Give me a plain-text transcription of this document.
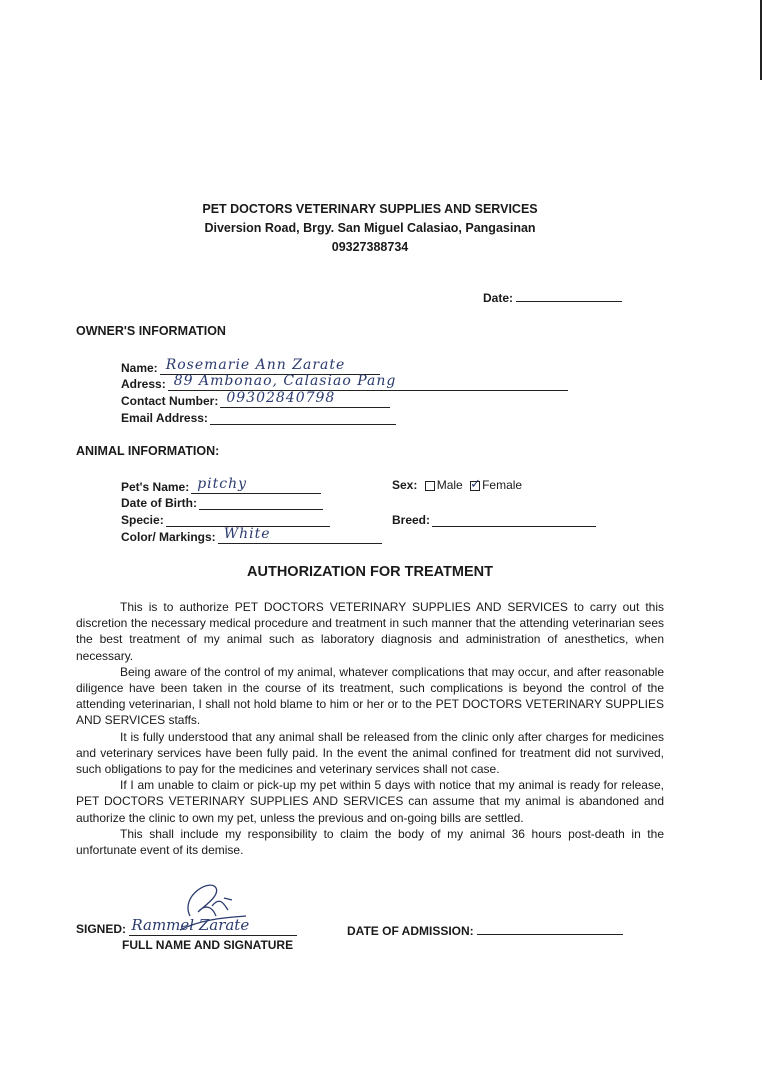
PET DOCTORS VETERINARY SUPPLIES AND SERVICES
Diversion Road, Brgy. San Miguel Calasiao, Pangasinan
09327388734
Date:
OWNER'S INFORMATION
Name: Rosemarie Ann Zarate
Adress: 89 Ambonao, Calasiao Pang
Contact Number: 09302840798
Email Address:
ANIMAL INFORMATION:
Pet's Name: pitchy
Date of Birth:
Specie:
Color/ Markings: White
Sex: Male ✓ Female
Breed:
AUTHORIZATION FOR TREATMENT

This is to authorize PET DOCTORS VETERINARY SUPPLIES AND SERVICES to carry out this discretion the necessary medical procedure and treatment in such manner that the attending veterinarian sees the best treatment of my animal such as laboratory diagnosis and administration of anesthetics, when necessary.

Being aware of the control of my animal, whatever complications that may occur, and after reasonable diligence have been taken in the course of its treatment, such complications is beyond the control of the attending veterinarian, I shall not hold blame to him or her or to the PET DOCTORS VETERINARY SUPPLIES AND SERVICES staffs.

It is fully understood that any animal shall be released from the clinic only after charges for medicines and veterinary services have been fully paid. In the event the animal confined for treatment did not survived, such obligations to pay for the medicines and veterinary services shall not case.

If I am unable to claim or pick-up my pet within 5 days with notice that my animal is ready for release, PET DOCTORS VETERINARY SUPPLIES AND SERVICES can assume that my animal is abandoned and authorize the clinic to own my pet, unless the previous and on-going bills are settled.

This shall include my responsibility to claim the body of my animal 36 hours post-death in the unfortunate event of its demise.

SIGNED: Rammel Zarate
FULL NAME AND SIGNATURE
DATE OF ADMISSION:
